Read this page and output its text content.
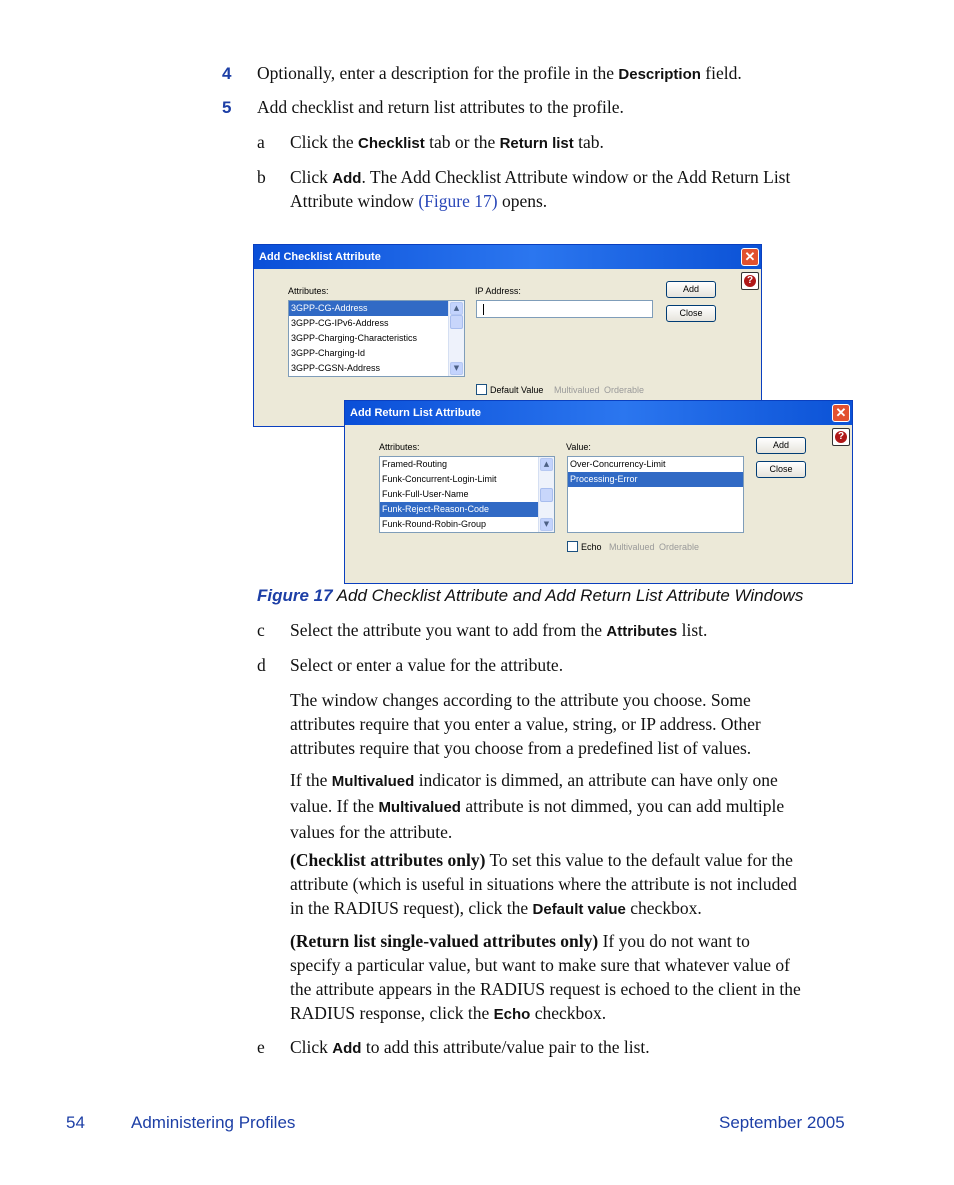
4 Optionally, enter a description for the profile in the Description field.
5 Add checklist and return list attributes to the profile.
a Click the Checklist tab or the Return list tab.
b Click Add. The Add Checklist Attribute window or the Add Return List
Attribute window (Figure 17) opens.
Add Checklist Attribute	✕
?
Attributes:	IP Address:
3GPP-CG-Address
3GPP-CG-IPv6-Address
3GPP-Charging-Characteristics
3GPP-Charging-Id
3GPP-CGSN-Address
▲
▼
Add
Close
Default Value Multivalued Orderable
Add Return List Attribute	✕
?
Attributes:	Value:
Framed-Routing
Funk-Concurrent-Login-Limit
Funk-Full-User-Name
Funk-Reject-Reason-Code
Funk-Round-Robin-Group
▲
▼
Over-Concurrency-Limit
Processing-Error
Add
Close
Echo Multivalued Orderable
Figure 17 Add Checklist Attribute and Add Return List Attribute Windows
c Select the attribute you want to add from the Attributes list.
d Select or enter a value for the attribute.
The window changes according to the attribute you choose. Some
attributes require that you enter a value, string, or IP address. Other
attributes require that you choose from a predefined list of values.
If the Multivalued indicator is dimmed, an attribute can have only one
value. If the Multivalued attribute is not dimmed, you can add multiple
values for the attribute.
(Checklist attributes only) To set this value to the default value for the
attribute (which is useful in situations where the attribute is not included
in the RADIUS request), click the Default value checkbox.
(Return list single-valued attributes only) If you do not want to
specify a particular value, but want to make sure that whatever value of
the attribute appears in the RADIUS request is echoed to the client in the
RADIUS response, click the Echo checkbox.
e Click Add to add this attribute/value pair to the list.
54	Administering Profiles	September 2005
